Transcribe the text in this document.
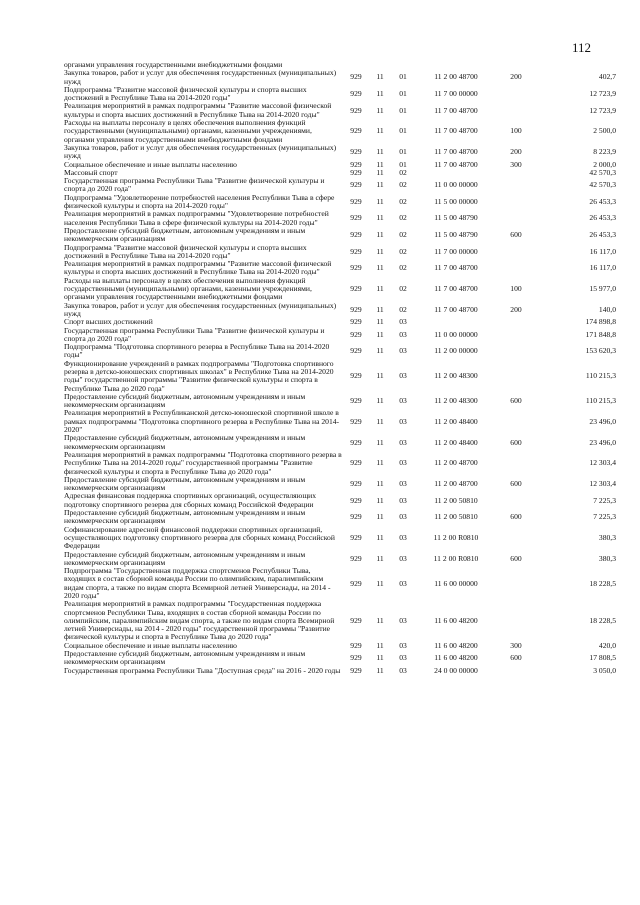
112
органами управления государственными внебюджетными фондами						
Закупка товаров, работ и услуг для обеспечения государственных (муниципальных) нужд	929	11	01	11 2 00 48700	200	402,7
Подпрограмма "Развитие массовой физической культуры и спорта высших достижений в Республике Тыва на 2014-2020 годы"	929	11	01	11 7 00 00000		12 723,9
Реализация мероприятий в рамках подпрограммы "Развитие массовой физической культуры и спорта высших достижений в Республике Тыва на 2014-2020 годы"	929	11	01	11 7 00 48700		12 723,9
Расходы на выплаты персоналу в целях обеспечения выполнения функций государственными (муниципальными) органами, казенными учреждениями, органами управления государственными внебюджетными фондами	929	11	01	11 7 00 48700	100	2 500,0
Закупка товаров, работ и услуг для обеспечения государственных (муниципальных) нужд	929	11	01	11 7 00 48700	200	8 223,9
Социальное обеспечение и иные выплаты населению	929	11	01	11 7 00 48700	300	2 000,0
Массовый спорт	929	11	02			42 570,3
Государственная программа Республики Тыва "Развитие физической культуры и спорта до 2020 года"	929	11	02	11 0 00 00000		42 570,3
Подпрограмма "Удовлетворение потребностей населения Республики Тыва в сфере физической культуры и спорта на 2014-2020 годы"	929	11	02	11 5 00 00000		26 453,3
Реализация мероприятий в рамках подпрограммы "Удовлетворение потребностей населения Республики Тыва в сфере физической культуры на 2014-2020 годы"	929	11	02	11 5 00 48790		26 453,3
Предоставление субсидий бюджетным, автономным учреждениям и иным некоммерческим организациям	929	11	02	11 5 00 48790	600	26 453,3
Подпрограмма "Развитие массовой физической культуры и спорта высших достижений в Республике Тыва на 2014-2020 годы"	929	11	02	11 7 00 00000		16 117,0
Реализация мероприятий в рамках подпрограммы "Развитие массовой физической культуры и спорта высших достижений в Республике Тыва на 2014-2020 годы"	929	11	02	11 7 00 48700		16 117,0
Расходы на выплаты персоналу в целях обеспечения выполнения функций государственными (муниципальными) органами, казенными учреждениями, органами управления государственными внебюджетными фондами	929	11	02	11 7 00 48700	100	15 977,0
Закупка товаров, работ и услуг для обеспечения государственных (муниципальных) нужд	929	11	02	11 7 00 48700	200	140,0
Спорт высших достижений	929	11	03			174 898,8
Государственная программа Республики Тыва "Развитие физической культуры и спорта до 2020 года"	929	11	03	11 0 00 00000		171 848,8
Подпрограмма "Подготовка спортивного резерва в Республике Тыва на 2014-2020 годы"	929	11	03	11 2 00 00000		153 620,3
Функционирование учреждений в рамках подпрограммы "Подготовка спортивного резерва в детско-юношеских спортивных школах" в Республике Тыва на 2014-2020 годы" государственной программы "Развитие физической культуры и спорта в Республике Тыва до 2020 года"	929	11	03	11 2 00 48300		110 215,3
Предоставление субсидий бюджетным, автономным учреждениям и иным некоммерческим организациям	929	11	03	11 2 00 48300	600	110 215,3
Реализация мероприятий в Республиканской детско-юношеской спортивной школе в рамках подпрограммы "Подготовка спортивного резерва в Республике Тыва на 2014-2020"	929	11	03	11 2 00 48400		23 496,0
Предоставление субсидий бюджетным, автономным учреждениям и иным некоммерческим организациям	929	11	03	11 2 00 48400	600	23 496,0
Реализация мероприятий в рамках подпрограммы "Подготовка спортивного резерва в Республике Тыва на 2014-2020 годы" государственной программы "Развитие физической культуры и спорта в Республике Тыва до 2020 года"	929	11	03	11 2 00 48700		12 303,4
Предоставление субсидий бюджетным, автономным учреждениям и иным некоммерческим организациям	929	11	03	11 2 00 48700	600	12 303,4
Адресная финансовая поддержка спортивных организаций, осуществляющих подготовку спортивного резерва для сборных команд Российской Федерации	929	11	03	11 2 00 50810		7 225,3
Предоставление субсидий бюджетным, автономным учреждениям и иным некоммерческим организациям	929	11	03	11 2 00 50810	600	7 225,3
Софинансирование адресной финансовой поддержки спортивных организаций, осуществляющих подготовку спортивного резерва для сборных команд Российской Федерации	929	11	03	11 2 00 R0810		380,3
Предоставление субсидий бюджетным, автономным учреждениям и иным некоммерческим организациям	929	11	03	11 2 00 R0810	600	380,3
Подпрограмма "Государственная поддержка спортсменов Республики Тыва, входящих в состав сборной команды России по олимпийским, паралимпийским видам спорта, а также по видам спорта Всемирной летней Универсиады, на 2014 - 2020 годы"	929	11	03	11 6 00 00000		18 228,5
Реализация мероприятий в рамках подпрограммы "Государственная поддержка спортсменов Республики Тыва, входящих в состав сборной команды России по олимпийским, паралимпийским видам спорта, а также по видам спорта Всемирной летней Универсиады, на 2014 - 2020 годы" государственной программы "Развитие физической культуры и спорта в Республике Тыва до 2020 года"	929	11	03	11 6 00 48200		18 228,5
Социальное обеспечение и иные выплаты населению	929	11	03	11 6 00 48200	300	420,0
Предоставление субсидий бюджетным, автономным учреждениям и иным некоммерческим организациям	929	11	03	11 6 00 48200	600	17 808,5
Государственная программа Республики Тыва "Доступная среда" на 2016 - 2020 годы	929	11	03	24 0 00 00000		3 050,0
